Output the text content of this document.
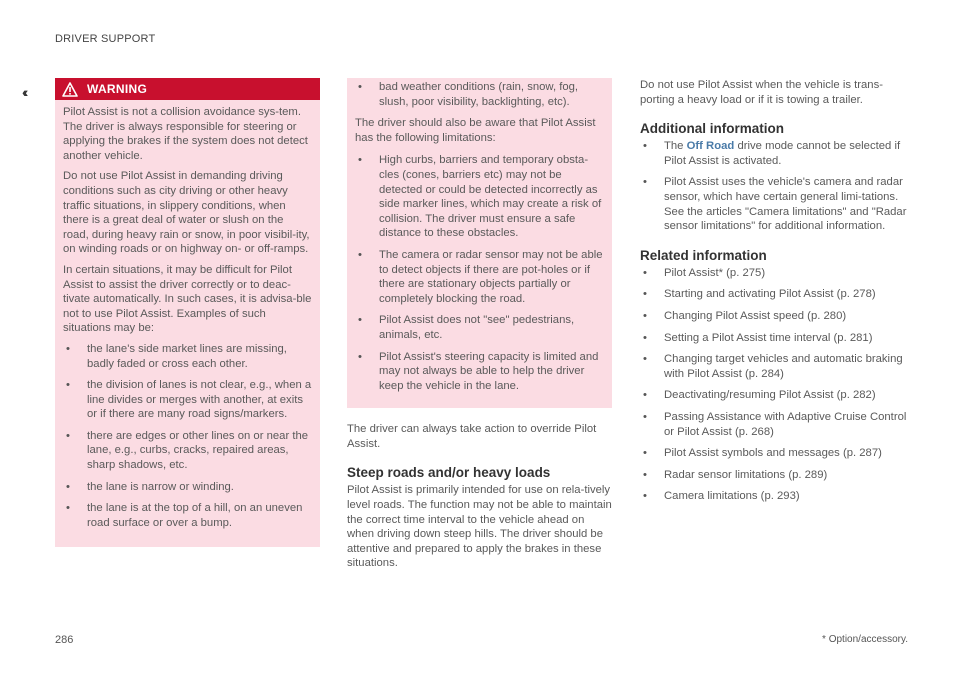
DRIVER SUPPORT
‹‹	WARNING

Pilot Assist is not a collision avoidance sys-tem. The driver is always responsible for steering or applying the brakes if the system does not detect another vehicle.

Do not use Pilot Assist in demanding driving conditions such as city driving or other heavy traffic situations, in slippery conditions, when there is a great deal of water or slush on the road, during heavy rain or snow, in poor visibil-ity, on winding roads or on highway on- or off-ramps.

In certain situations, it may be difficult for Pilot Assist to assist the driver correctly or to deac-tivate automatically. In such cases, it is advisa-ble not to use Pilot Assist. Examples of such situations may be:

• the lane's side market lines are missing, badly faded or cross each other.
• the division of lanes is not clear, e.g., when a line divides or merges with another, at exits or if there are many road signs/markers.
• there are edges or other lines on or near the lane, e.g., curbs, cracks, repaired areas, sharp shadows, etc.
• the lane is narrow or winding.
• the lane is at the top of a hill, on an uneven road surface or over a bump.
• bad weather conditions (rain, snow, fog, slush, poor visibility, backlighting, etc).

The driver should also be aware that Pilot Assist has the following limitations:

• High curbs, barriers and temporary obsta-cles (cones, barriers etc) may not be detected or could be detected incorrectly as side marker lines, which may create a risk of collision. The driver must ensure a safe distance to these obstacles.
• The camera or radar sensor may not be able to detect objects if there are pot-holes or if there are stationary objects partially or completely blocking the road.
• Pilot Assist does not "see" pedestrians, animals, etc.
• Pilot Assist's steering capacity is limited and may not always be able to help the driver keep the vehicle in the lane.

The driver can always take action to override Pilot Assist.

Steep roads and/or heavy loads

Pilot Assist is primarily intended for use on rela-tively level roads. The function may not be able to maintain the correct time interval to the vehicle ahead on when driving down steep hills. The driver should be attentive and prepared to apply the brakes in these situations.

Do not use Pilot Assist when the vehicle is trans-porting a heavy load or if it is towing a trailer.

Additional information
• The Off Road drive mode cannot be selected if Pilot Assist is activated.
• Pilot Assist uses the vehicle's camera and radar sensor, which have certain general limi-tations. See the articles "Camera limitations" and "Radar sensor limitations" for additional information.
Related information
• Pilot Assist* (p. 275)
• Starting and activating Pilot Assist (p. 278)
• Changing Pilot Assist speed (p. 280)
• Setting a Pilot Assist time interval (p. 281)
• Changing target vehicles and automatic braking with Pilot Assist (p. 284)
• Deactivating/resuming Pilot Assist (p. 282)
• Passing Assistance with Adaptive Cruise Control or Pilot Assist (p. 268)
• Pilot Assist symbols and messages (p. 287)
• Radar sensor limitations (p. 289)
• Camera limitations (p. 293)
286	* Option/accessory.
